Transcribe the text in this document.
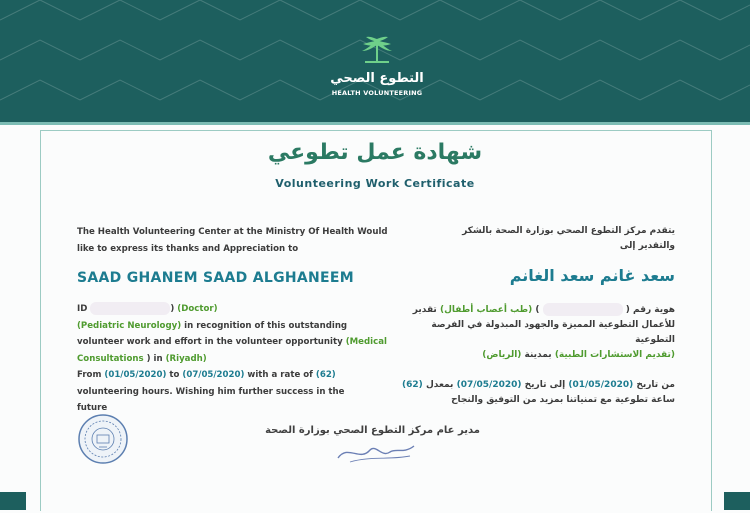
التطوع الصحي
HEALTH VOLUNTEERING
شهادة عمل تطوعي
Volunteering Work Certificate
The Health Volunteering Center at the Ministry Of Health Would
like to express its thanks and Appreciation to
يتقدم مركز التطوع الصحي بوزارة الصحة بالشكر
والتقدير إلى
SAAD GHANEM SAAD ALGHANEEM	سعد غانم سعد الغانم
ID	) (Doctor)
(Pediatric Neurology) in recognition of this outstanding
volunteer work and effort in the volunteer opportunity (Medical
Consultations ) in (Riyadh)
From (01/05/2020) to (07/05/2020) with a rate of (62)
volunteering hours. Wishing him further success in the
future
هوية رقم (  ) (طب أعصاب أطفال) تقدير
للأعمال التطوعية المميزة والجهود المبذولة في الفرصة
التطوعية
(تقديم الاستشارات الطبية) بمدينة (الرياض)
من تاريخ (01/05/2020) إلى تاريخ (07/05/2020) بمعدل (62)
ساعة تطوعية مع تمنياتنا بمزيد من التوفيق والنجاح
مدير عام مركز التطوع الصحي بوزارة الصحة
